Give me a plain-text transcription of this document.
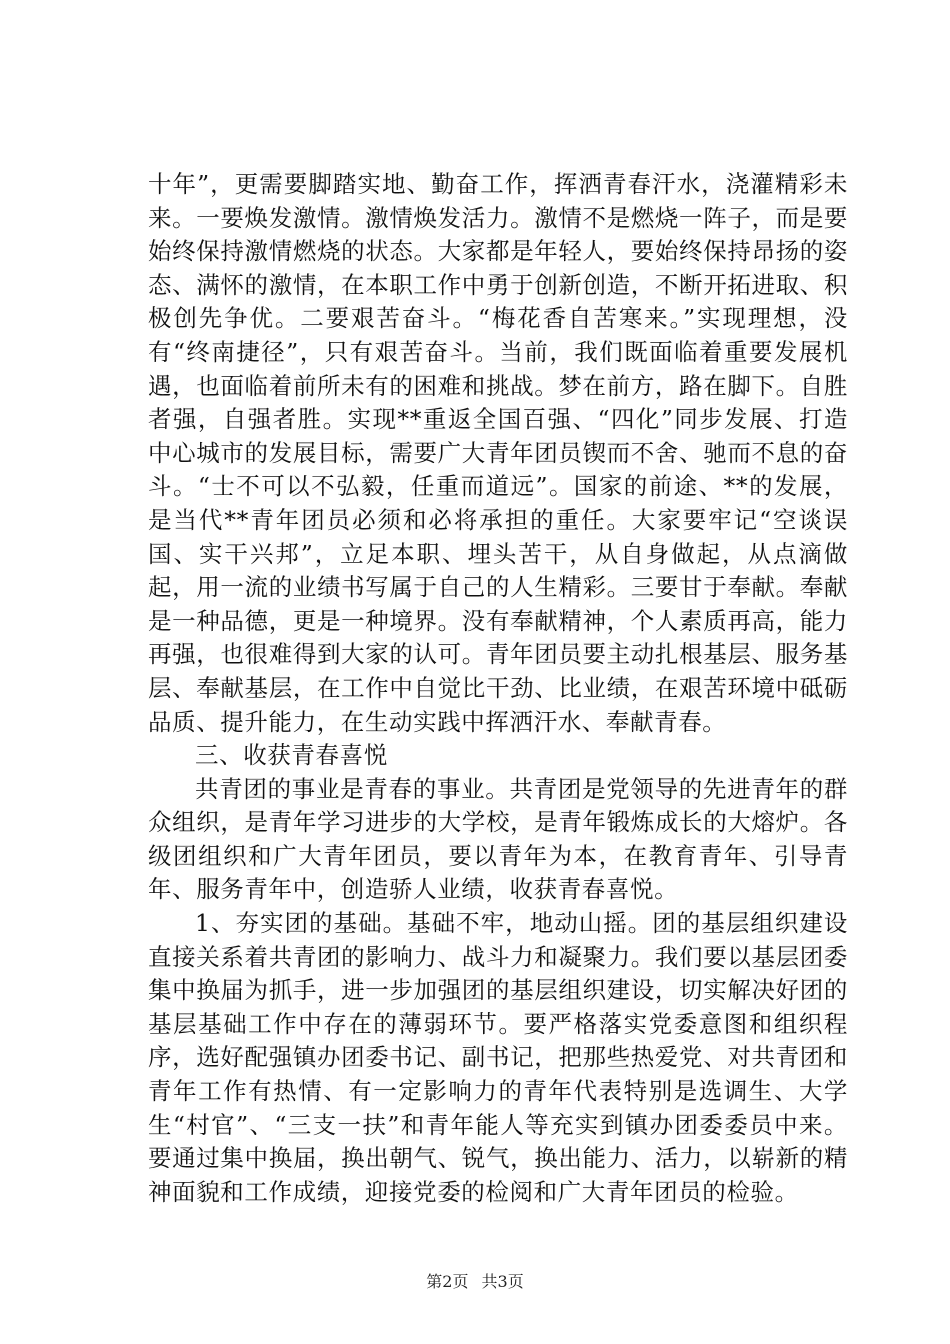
十年”，更需要脚踏实地、勤奋工作，挥洒青春汗水，浇灌精彩未来。一要焕发激情。激情焕发活力。激情不是燃烧一阵子，而是要始终保持激情燃烧的状态。大家都是年轻人，要始终保持昂扬的姿态、满怀的激情，在本职工作中勇于创新创造，不断开拓进取、积极创先争优。二要艰苦奋斗。“梅花香自苦寒来。”实现理想，没有“终南捷径”，只有艰苦奋斗。当前，我们既面临着重要发展机遇，也面临着前所未有的困难和挑战。梦在前方，路在脚下。自胜者强，自强者胜。实现**重返全国百强、“四化”同步发展、打造中心城市的发展目标，需要广大青年团员锲而不舍、驰而不息的奋斗。“士不可以不弘毅，任重而道远”。国家的前途、**的发展，是当代**青年团员必须和必将承担的重任。大家要牢记“空谈误国、实干兴邦”，立足本职、埋头苦干，从自身做起，从点滴做起，用一流的业绩书写属于自己的人生精彩。三要甘于奉献。奉献是一种品德，更是一种境界。没有奉献精神，个人素质再高，能力再强，也很难得到大家的认可。青年团员要主动扎根基层、服务基层、奉献基层，在工作中自觉比干劲、比业绩，在艰苦环境中砥砺品质、提升能力，在生动实践中挥洒汗水、奉献青春。

三、收获青春喜悦

共青团的事业是青春的事业。共青团是党领导的先进青年的群众组织，是青年学习进步的大学校，是青年锻炼成长的大熔炉。各级团组织和广大青年团员，要以青年为本，在教育青年、引导青年、服务青年中，创造骄人业绩，收获青春喜悦。

1、夯实团的基础。基础不牢，地动山摇。团的基层组织建设直接关系着共青团的影响力、战斗力和凝聚力。我们要以基层团委集中换届为抓手，进一步加强团的基层组织建设，切实解决好团的基层基础工作中存在的薄弱环节。要严格落实党委意图和组织程序，选好配强镇办团委书记、副书记，把那些热爱党、对共青团和青年工作有热情、有一定影响力的青年代表特别是选调生、大学生“村官”、“三支一扶”和青年能人等充实到镇办团委委员中来。要通过集中换届，换出朝气、锐气，换出能力、活力，以崭新的精神面貌和工作成绩，迎接党委的检阅和广大青年团员的检验。

第2页 共3页
